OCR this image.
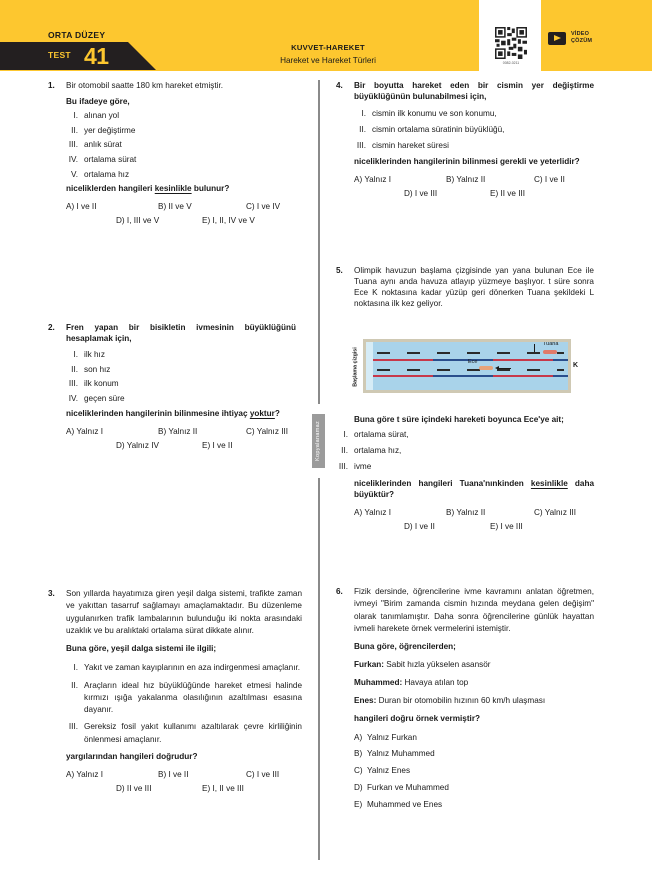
ORTA DÜZEY
TEST 41	KUVVET-HAREKET
Hareket ve Hareket Türleri	0082-0211
VİDEO
ÇÖZÜM
Kopyalanamaz
1. Bir otomobil saatte 180 km hareket etmiştir.
Bu ifadeye göre,
I. alınan yol
II. yer değiştirme
III. anlık sürat
IV. ortalama sürat
V. ortalama hız
niceliklerden hangileri kesinlikle bulunur?
A) I ve II	B) II ve V	C) I ve IV
D) I, III ve V	E) I, II, IV ve V
2. Fren yapan bir bisikletin ivmesinin büyüklüğünü hesaplamak için,
I. ilk hız
II. son hız
III. ilk konum
IV. geçen süre
niceliklerinden hangilerinin bilinmesine ihtiyaç yoktur?
A) Yalnız I	B) Yalnız II	C) Yalnız III
D) Yalnız IV	E) I ve II
3. Son yıllarda hayatımıza giren yeşil dalga sistemi, trafikte zaman ve yakıttan tasarruf sağlamayı amaçlamaktadır. Bu düzenleme uygulanırken trafik lambalarının bulunduğu iki nokta arasındaki uzaklık ve bu aralıktaki ortalama sürat dikkate alınır.
Buna göre, yeşil dalga sistemi ile ilgili;
I. Yakıt ve zaman kayıplarının en aza indirgenmesi amaçlanır.
II. Araçların ideal hız büyüklüğünde hareket etmesi halinde kırmızı ışığa yakalanma olasılığının azaltılması esasına dayanır.
III. Gereksiz fosil yakıt kullanımı azaltılarak çevre kirliliğinin önlenmesi amaçlanır.
yargılarından hangileri doğrudur?
A) Yalnız I	B) I ve II	C) I ve III
D) II ve III	E) I, II ve III
4. Bir boyutta hareket eden bir cismin yer değiştirme büyüklüğünün bulunabilmesi için,
I. cismin ilk konumu ve son konumu,
II. cismin ortalama süratinin büyüklüğü,
III. cismin hareket süresi
niceliklerinden hangilerinin bilinmesi gerekli ve yeterlidir?
A) Yalnız I	B) Yalnız II	C) I ve II
D) I ve III	E) II ve III
5. Olimpik havuzun başlama çizgisinde yan yana bulunan Ece ile Tuana aynı anda havuza atlayıp yüzmeye başlıyor. t süre sonra Ece K noktasına kadar yüzüp geri dönerken Tuana şekildeki L noktasına ilk kez geliyor.
Başlama çizgisi
Tuana
Ece	K
Buna göre t süre içindeki hareketi boyunca Ece'ye ait;
I. ortalama sürat,
II. ortalama hız,
III. ivme
niceliklerinden hangileri Tuana'nınkinden kesinlikle daha büyüktür?
A) Yalnız I	B) Yalnız II	C) Yalnız III
D) I ve II	E) I ve III
6. Fizik dersinde, öğrencilerine ivme kavramını anlatan öğretmen, ivmeyi "Birim zamanda cismin hızında meydana gelen değişim" olarak tanımlamıştır. Daha sonra öğrencilerine günlük hayattan ivmeli harekete örnek vermelerini istemiştir.
Buna göre, öğrencilerden;
Furkan: Sabit hızla yükselen asansör
Muhammed: Havaya atılan top
Enes: Duran bir otomobilin hızının 60 km/h ulaşması
hangileri doğru örnek vermiştir?
A) Yalnız Furkan
B) Yalnız Muhammed
C) Yalnız Enes
D) Furkan ve Muhammed
E) Muhammed ve Enes
